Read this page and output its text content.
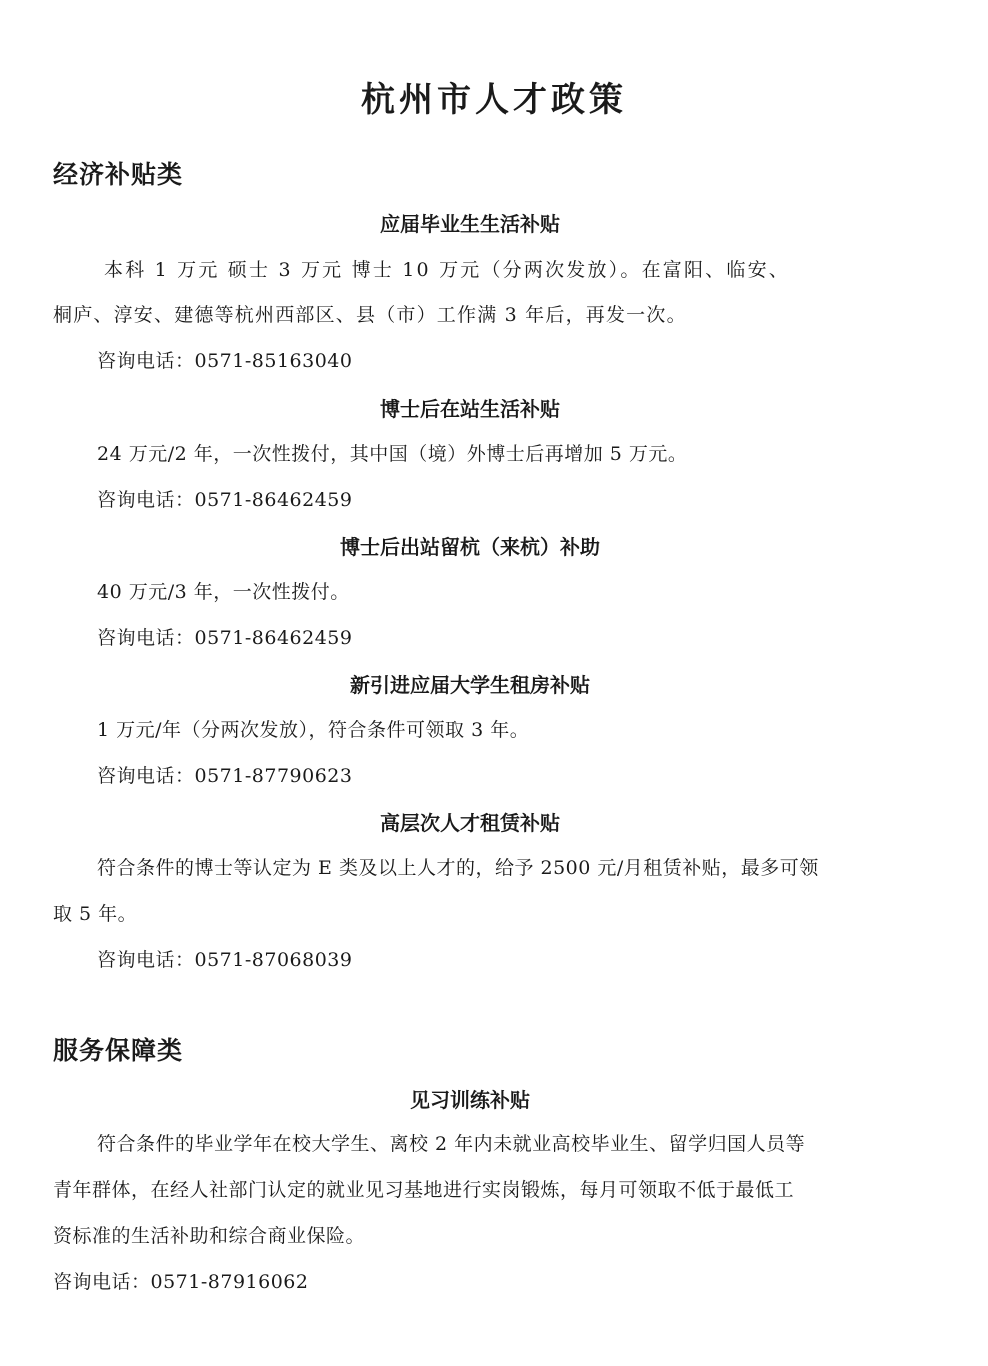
杭州市人才政策
经济补贴类
应届毕业生生活补贴
本科 1 万元 硕士 3 万元 博士 10 万元（分两次发放）。在富阳、临安、
桐庐、淳安、建德等杭州西部区、县（市）工作满 3 年后，再发一次。
咨询电话：0571-85163040
博士后在站生活补贴
24 万元/2 年，一次性拨付，其中国（境）外博士后再增加 5 万元。
咨询电话：0571-86462459
博士后出站留杭（来杭）补助
40 万元/3 年，一次性拨付。
咨询电话：0571-86462459
新引进应届大学生租房补贴
1 万元/年（分两次发放），符合条件可领取 3 年。
咨询电话：0571-87790623
高层次人才租赁补贴
符合条件的博士等认定为 E 类及以上人才的，给予 2500 元/月租赁补贴，最多可领
取 5 年。
咨询电话：0571-87068039
服务保障类
见习训练补贴
符合条件的毕业学年在校大学生、离校 2 年内未就业高校毕业生、留学归国人员等
青年群体，在经人社部门认定的就业见习基地进行实岗锻炼，每月可领取不低于最低工
资标准的生活补助和综合商业保险。
咨询电话：0571-87916062
